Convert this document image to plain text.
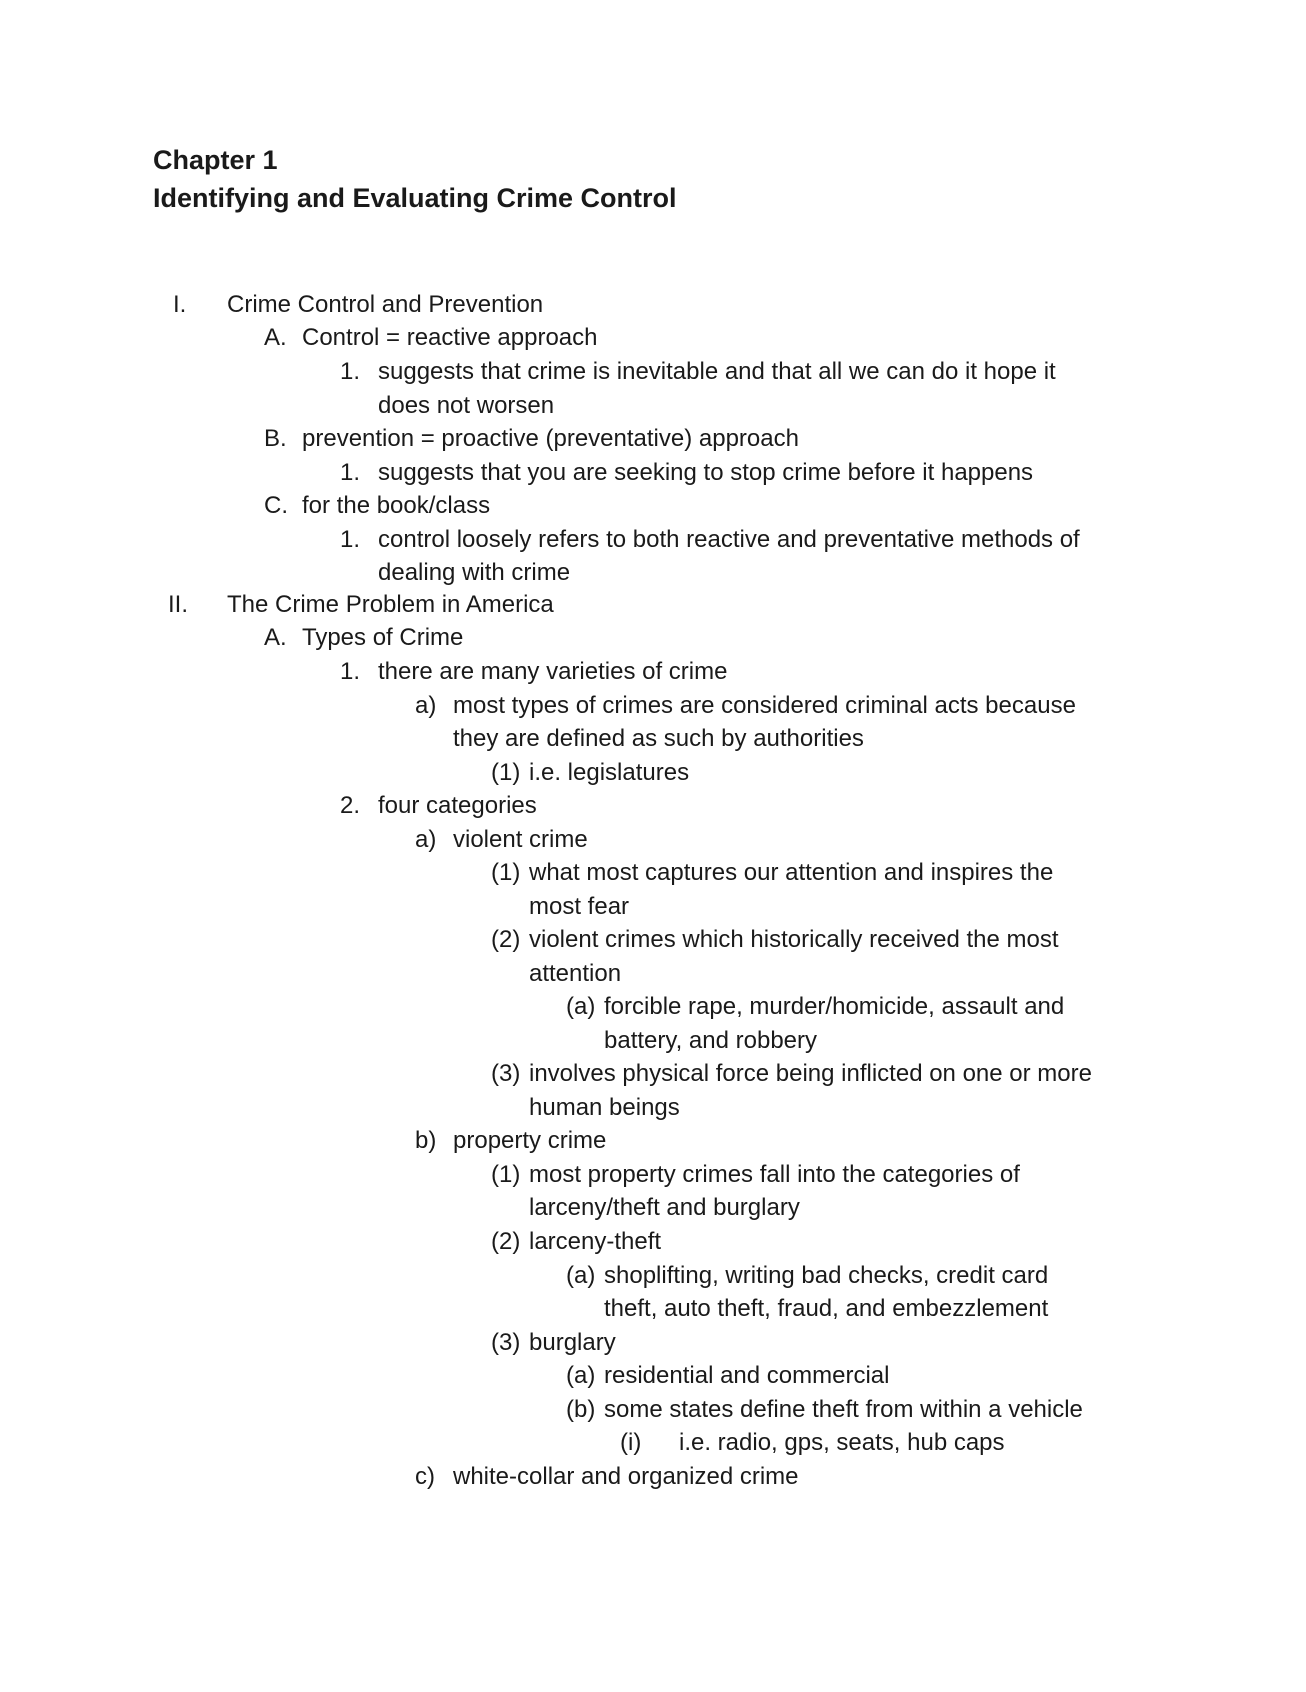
Chapter 1
Identifying and Evaluating Crime Control
I. Crime Control and Prevention
A. Control = reactive approach
1. suggests that crime is inevitable and that all we can do it hope it
does not worsen
B. prevention = proactive (preventative) approach
1. suggests that you are seeking to stop crime before it happens
C. for the book/class
1. control loosely refers to both reactive and preventative methods of
dealing with crime
II. The Crime Problem in America
A. Types of Crime
1. there are many varieties of crime
a) most types of crimes are considered criminal acts because
they are defined as such by authorities
(1) i.e. legislatures
2. four categories
a) violent crime
(1) what most captures our attention and inspires the
most fear
(2) violent crimes which historically received the most
attention
(a) forcible rape, murder/homicide, assault and
battery, and robbery
(3) involves physical force being inflicted on one or more
human beings
b) property crime
(1) most property crimes fall into the categories of
larceny/theft and burglary
(2) larceny-theft
(a) shoplifting, writing bad checks, credit card
theft, auto theft, fraud, and embezzlement
(3) burglary
(a) residential and commercial
(b) some states define theft from within a vehicle
(i) i.e. radio, gps, seats, hub caps
c) white-collar and organized crime
